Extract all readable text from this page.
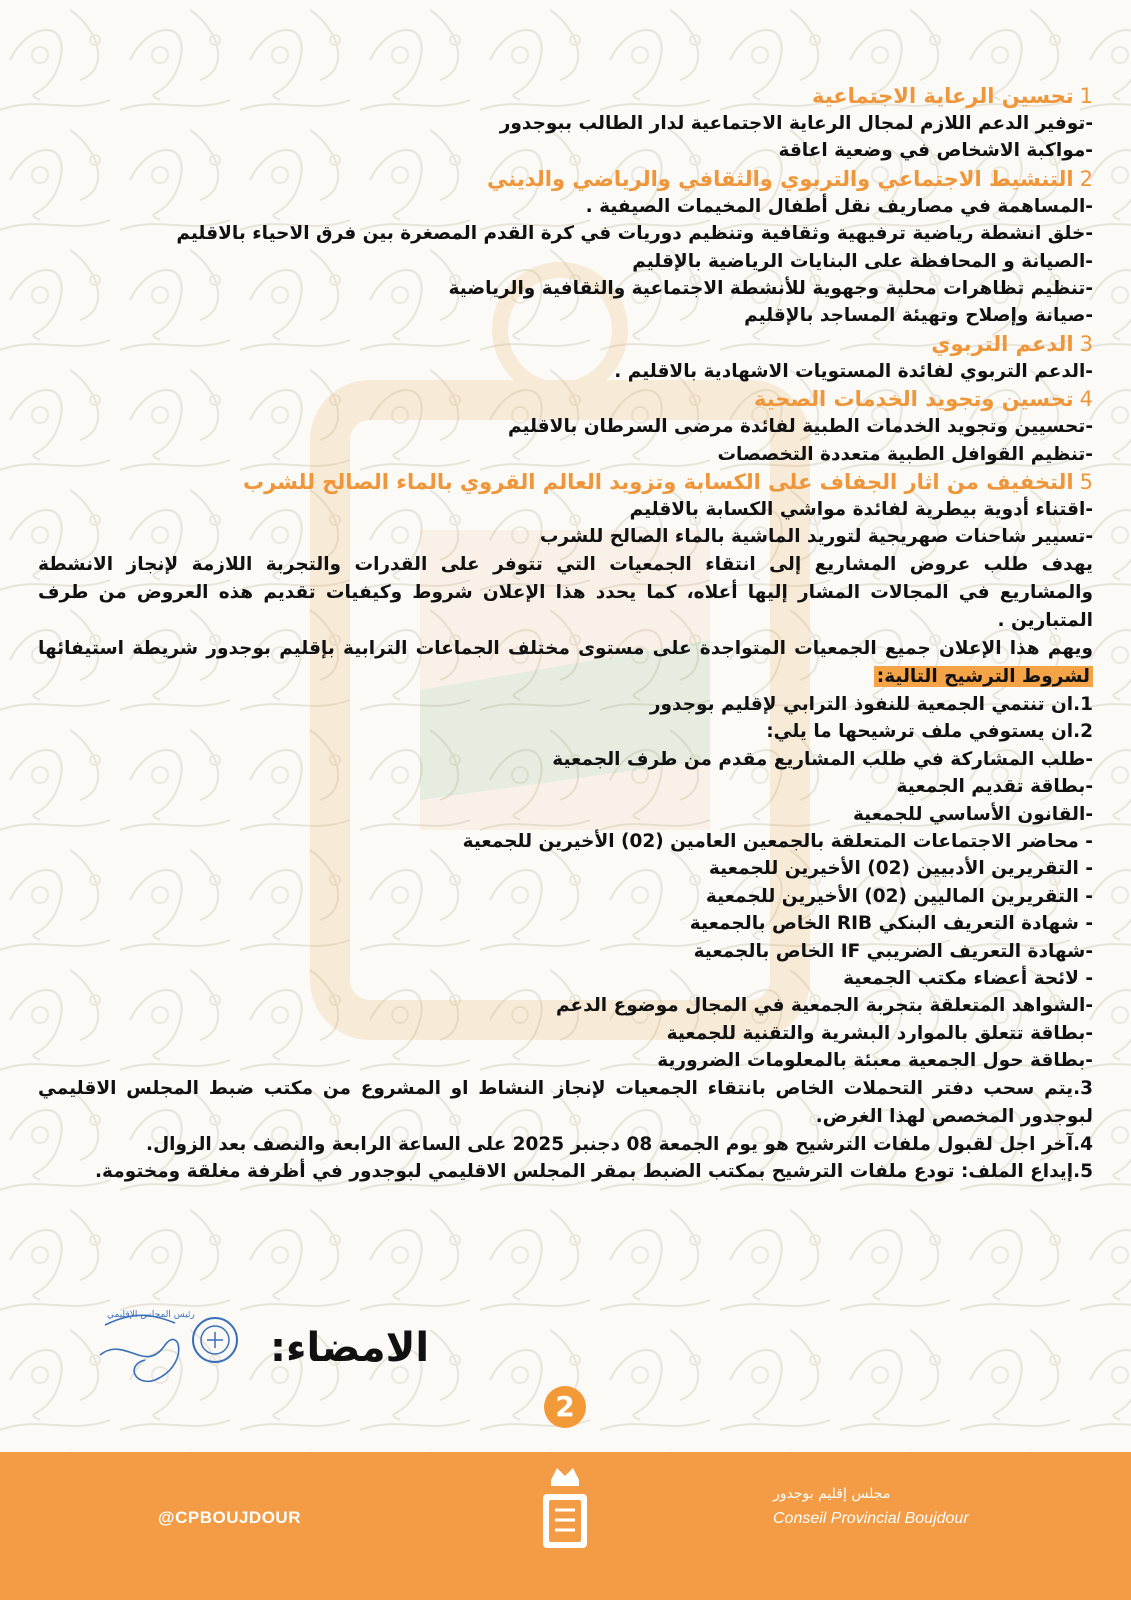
1تحسين الرعاية الاجتماعية
-توفير الدعم اللازم لمجال الرعاية الاجتماعية لدار الطالب ببوجدور
-مواكبة الاشخاص في وضعية اعاقة
2التنشيط الاجتماعي والتربوي والثقافي والرياضي والديني
-المساهمة في مصاريف نقل أطفال المخيمات الصيفية .
-خلق انشطة رياضية ترفيهية وثقافية وتنظيم دوريات في كرة القدم المصغرة بين فرق الاحياء بالاقليم
-الصيانة و المحافظة على البنايات الرياضية بالإقليم
-تنظيم تظاهرات محلية وجهوية للأنشطة الاجتماعية والثقافية والرياضية
-صيانة وإصلاح وتهيئة المساجد بالإقليم
3الدعم التربوي
-الدعم التربوي لفائدة المستويات الاشهادية بالاقليم .
4تحسين وتجويد الخدمات الصحية
-تحسيين وتجويد الخدمات الطبية لفائدة مرضى السرطان بالاقليم
-تنظيم القوافل الطبية متعددة التخصصات
5التخفيف من اثار الجفاف على الكسابة وتزويد العالم القروي بالماء الصالح للشرب
-اقتناء أدوية بيطرية لفائدة مواشي الكسابة بالاقليم
-تسيير شاحنات صهريجية لتوريد الماشية بالماء الصالح للشرب

يهدف طلب عروض المشاريع إلى انتقاء الجمعيات التي تتوفر على القدرات والتجربة اللازمة لإنجاز الانشطة والمشاريع في المجالات المشار إليها أعلاه، كما يحدد هذا الإعلان شروط وكيفيات تقديم هذه العروض من طرف المتبارين .

ويهم هذا الإعلان جميع الجمعيات المتواجدة على مستوى مختلف الجماعات الترابية بإقليم بوجدور شريطة استيفائها لشروط الترشيح التالية:

1.ان تنتمي الجمعية للنفوذ الترابي لإقليم بوجدور
2.ان يستوفي ملف ترشيحها ما يلي:
-طلب المشاركة في طلب المشاريع مقدم من طرف الجمعية
-بطاقة تقديم الجمعية
-القانون الأساسي للجمعية
- محاضر الاجتماعات المتعلقة بالجمعين العامين (02) الأخيرين للجمعية
- التقريرين الأدبيين (02) الأخيرين للجمعية
- التقريرين الماليين (02) الأخيرين للجمعية
- شهادة التعريف البنكي RIB الخاص بالجمعية
-شهادة التعريف الضريبي IF الخاص بالجمعية
- لائحة أعضاء مكتب الجمعية
-الشواهد المتعلقة بتجربة الجمعية في المجال موضوع الدعم
-بطاقة تتعلق بالموارد البشرية والتقنية للجمعية
-بطاقة حول الجمعية معبئة بالمعلومات الضرورية

3.يتم سحب دفتر التحملات الخاص بانتقاء الجمعيات لإنجاز النشاط او المشروع من مكتب ضبط المجلس الاقليمي لبوجدور المخصص لهذا الغرض.

4.آخر اجل لقبول ملفات الترشيح هو يوم الجمعة 08 دجنبر 2025 على الساعة الرابعة والنصف بعد الزوال.

5.إيداع الملف: تودع ملفات الترشيح بمكتب الضبط بمقر المجلس الاقليمي لبوجدور في أظرفة مغلقة ومختومة.

رئيس المجلس الإقليمي
الامضاء:
2
@CPBOUJDOUR
مجلس إقليم بوجدور
Conseil Provincial Boujdour
